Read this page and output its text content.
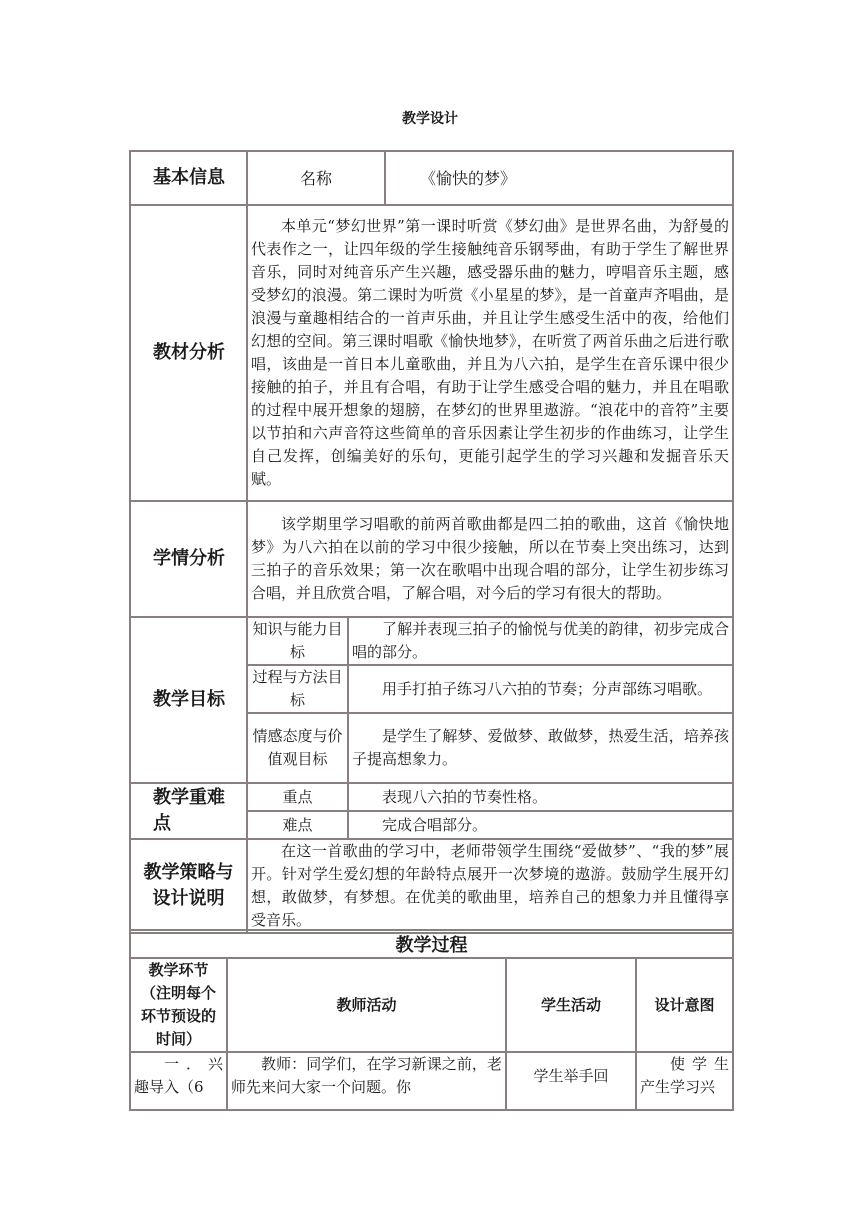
教学设计
基本信息	名称		《愉快的梦》
教材分析	本单元“梦幻世界”第一课时听赏《梦幻曲》是世界名曲，为舒曼的代表作之一，让四年级的学生接触纯音乐钢琴曲，有助于学生了解世界音乐，同时对纯音乐产生兴趣，感受器乐曲的魅力，哼唱音乐主题，感受梦幻的浪漫。第二课时为听赏《小星星的梦》，是一首童声齐唱曲，是浪漫与童趣相结合的一首声乐曲，并且让学生感受生活中的夜，给他们幻想的空间。第三课时唱歌《愉快地梦》，在听赏了两首乐曲之后进行歌唱，该曲是一首日本儿童歌曲，并且为八六拍，是学生在音乐课中很少接触的拍子，并且有合唱，有助于让学生感受合唱的魅力，并且在唱歌的过程中展开想象的翅膀，在梦幻的世界里遨游。“浪花中的音符”主要以节拍和六声音符这些简单的音乐因素让学生初步的作曲练习，让学生自己发挥，创编美好的乐句，更能引起学生的学习兴趣和发掘音乐天赋。		
学情分析	该学期里学习唱歌的前两首歌曲都是四二拍的歌曲，这首《愉快地梦》为八六拍在以前的学习中很少接触，所以在节奏上突出练习，达到三拍子的音乐效果；第一次在歌唱中出现合唱的部分，让学生初步练习合唱，并且欣赏合唱，了解合唱，对今后的学习有很大的帮助。		
教学目标	知识与能力目标	了解并表现三拍子的愉悦与优美的韵律，初步完成合唱的部分。	
	过程与方法目标	用手打拍子练习八六拍的节奏；分声部练习唱歌。	
	情感态度与价值观目标	是学生了解梦、爱做梦、敢做梦，热爱生活，培养孩子提高想象力。	
教学重难点	重点	表现八六拍的节奏性格。	
	难点	完成合唱部分。	
教学策略与 设计说明	在这一首歌曲的学习中，老师带领学生围绕“爱做梦”、“我的梦”展开。针对学生爱幻想的年龄特点展开一次梦境的遨游。鼓励学生展开幻想，敢做梦，有梦想。在优美的歌曲里，培养自己的想象力并且懂得享受音乐。		
教学过程			
教学环节（注明每个环节预设的时间）	教师活动	学生活动	设计意图
一．兴趣导入（6	教师：同学们，在学习新课之前，老师先来问大家一个问题。你	学生举手回	使学生产生学习兴
